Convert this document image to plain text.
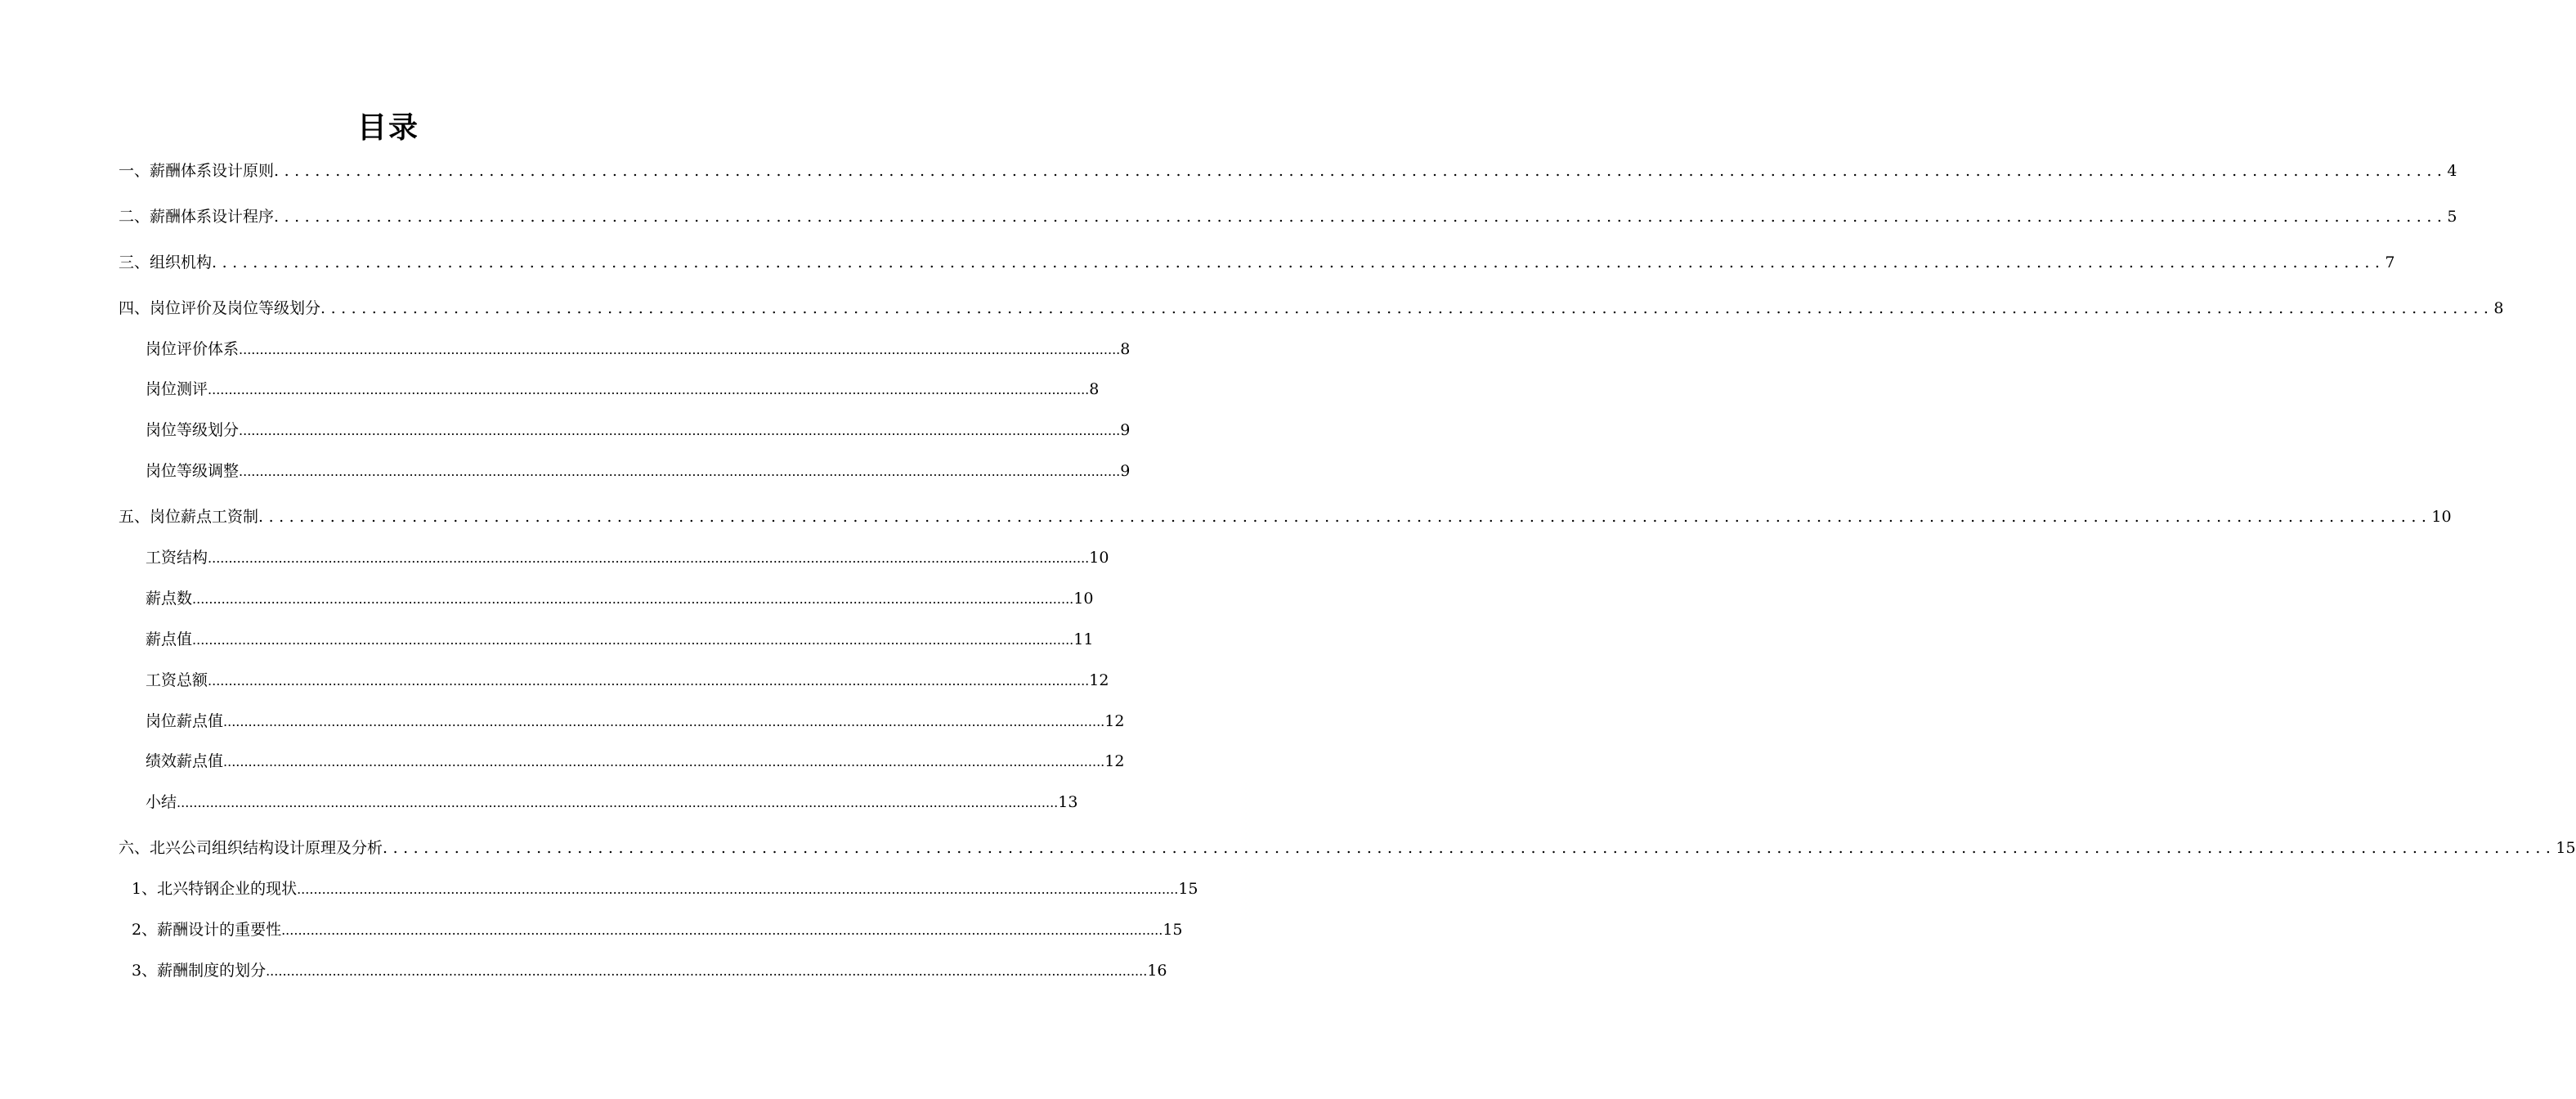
目录
一、 薪酬体系设计原则 .................................................................................................................................................................................................................... 4
二、 薪酬体系设计程序 .................................................................................................................................................................................................................... 5
三、 组织机构 .................................................................................................................................................................................................................... 7
四、 岗位评价及岗位等级划分 .................................................................................................................................................................................................................... 8
岗位评价体系 .................................................................................................................................................................................................................... 8
岗位测评 .................................................................................................................................................................................................................... 8
岗位等级划分 .................................................................................................................................................................................................................... 9
岗位等级调整 .................................................................................................................................................................................................................... 9
五、 岗位薪点工资制 .................................................................................................................................................................................................................... 10
工资结构 .................................................................................................................................................................................................................... 10
薪点数 .................................................................................................................................................................................................................... 10
薪点值 .................................................................................................................................................................................................................... 11
工资总额 .................................................................................................................................................................................................................... 12
岗位薪点值 .................................................................................................................................................................................................................... 12
绩效薪点值 .................................................................................................................................................................................................................... 12
小结 .................................................................................................................................................................................................................... 13
六、 北兴公司组织结构设计原理及分析 .................................................................................................................................................................................................................... 15
1、北兴特钢企业的现状 .................................................................................................................................................................................................................... 15
2、薪酬设计的重要性 .................................................................................................................................................................................................................... 15
3、薪酬制度的划分 .................................................................................................................................................................................................................... 16
